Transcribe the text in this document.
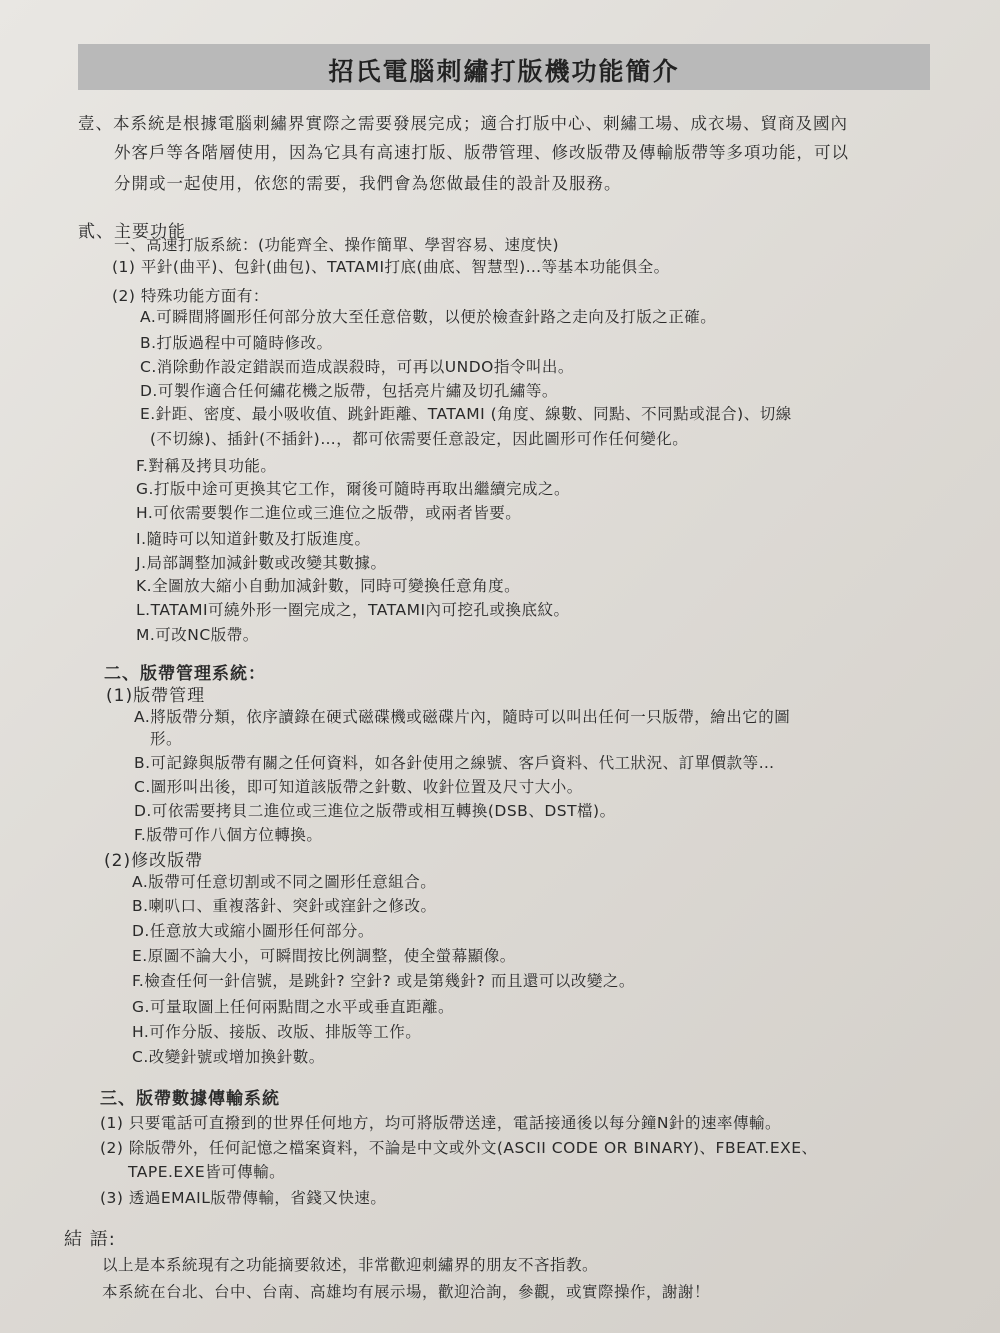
招氏電腦刺繡打版機功能簡介
壹、本系統是根據電腦刺繡界實際之需要發展完成；適合打版中心、刺繡工場、成衣場、貿商及國內
外客戶等各階層使用，因為它具有高速打版、版帶管理、修改版帶及傳輸版帶等多項功能，可以
分開或一起使用，依您的需要，我們會為您做最佳的設計及服務。
貳、主要功能
一、高速打版系統：(功能齊全、操作簡單、學習容易、速度快)
(1) 平針(曲平)、包針(曲包)、TATAMI打底(曲底、智慧型)…等基本功能俱全。
(2) 特殊功能方面有：
A.可瞬間將圖形任何部分放大至任意倍數，以便於檢查針路之走向及打版之正確。
B.打版過程中可隨時修改。
C.消除動作設定錯誤而造成誤殺時，可再以UNDO指令叫出。
D.可製作適合任何繡花機之版帶，包括亮片繡及切孔繡等。
E.針距、密度、最小吸收值、跳針距離、TATAMI (角度、線數、同點、不同點或混合)、切線
(不切線)、插針(不插針)…，都可依需要任意設定，因此圖形可作任何變化。
F.對稱及拷貝功能。
G.打版中途可更換其它工作，爾後可隨時再取出繼續完成之。
H.可依需要製作二進位或三進位之版帶，或兩者皆要。
I.隨時可以知道針數及打版進度。
J.局部調整加減針數或改變其數據。
K.全圖放大縮小自動加減針數，同時可變換任意角度。
L.TATAMI可繞外形一圈完成之，TATAMI內可挖孔或換底紋。
M.可改NC版帶。
二、版帶管理系統：
(1)版帶管理
A.將版帶分類，依序讀錄在硬式磁碟機或磁碟片內，隨時可以叫出任何一只版帶，繪出它的圖
形。
B.可記錄與版帶有關之任何資料，如各針使用之線號、客戶資料、代工狀況、訂單價款等…
C.圖形叫出後，即可知道該版帶之針數、收針位置及尺寸大小。
D.可依需要拷貝二進位或三進位之版帶或相互轉換(DSB、DST檔)。
F.版帶可作八個方位轉換。
(2)修改版帶
A.版帶可任意切割或不同之圖形任意組合。
B.喇叭口、重複落針、突針或窪針之修改。
D.任意放大或縮小圖形任何部分。
E.原圖不論大小，可瞬間按比例調整，使全螢幕顯像。
F.檢查任何一針信號，是跳針? 空針? 或是第幾針? 而且還可以改變之。
G.可量取圖上任何兩點間之水平或垂直距離。
H.可作分版、接版、改版、排版等工作。
C.改變針號或增加換針數。
三、版帶數據傳輸系統
(1) 只要電話可直撥到的世界任何地方，均可將版帶送達，電話接通後以每分鐘N針的速率傳輸。
(2) 除版帶外，任何記憶之檔案資料，不論是中文或外文(ASCII CODE OR BINARY)、FBEAT.EXE、
TAPE.EXE皆可傳輸。
(3) 透過EMAIL版帶傳輸，省錢又快速。
結 語:
以上是本系統現有之功能摘要敘述，非常歡迎刺繡界的朋友不吝指教。
本系統在台北、台中、台南、高雄均有展示場，歡迎洽詢，參觀，或實際操作，謝謝！
